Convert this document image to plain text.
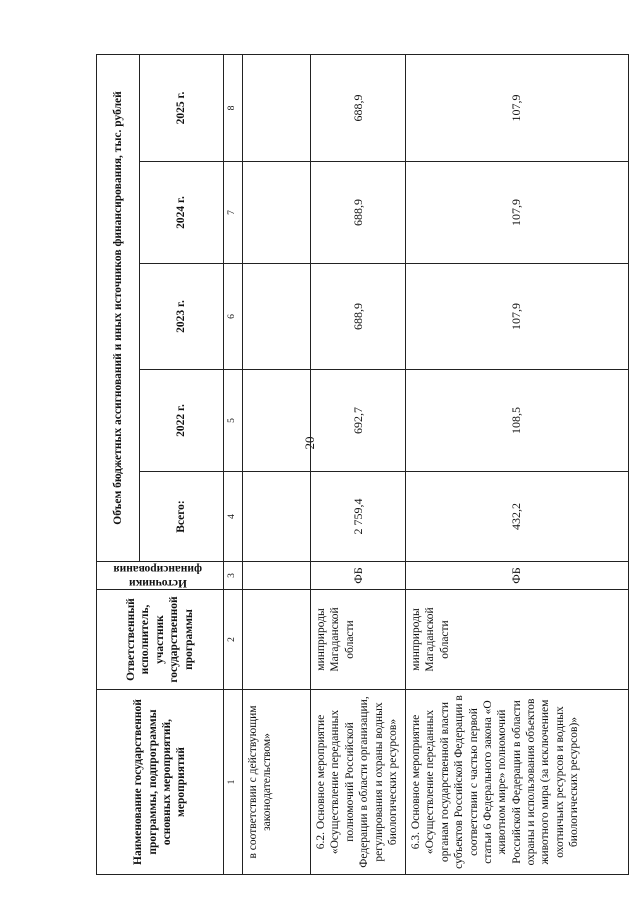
20
Наименование государственной программы, подпрограммы основных мероприятий, мероприятий	Ответственный исполнитель, участник государственной программы	Источники финансирования	Объем бюджетных ассигнований и иных источников финансирования, тыс. рублей				
			Всего:	2022 г.	2023 г.	2024 г.	2025 г.
1	2	3	4	5	6	7	8
в соответствии с действующим законодательством»							
6.2. Основное мероприятие «Осуществление переданных полномочий Российской Федерации в области организации, регулирования и охраны водных биологических ресурсов»	минприроды Магаданской области	ФБ	2 759,4	692,7	688,9	688,9	688,9
6.3. Основное мероприятие «Осуществление переданных органам государственной власти субъектов Российской Федерации в соответствии с частью первой статьи 6 Федерального закона «О животном мире» полномочий Российской Федерации в области охраны и использования объектов животного мира (за исключением охотничьих ресурсов и водных биологических ресурсов)»	минприроды Магаданской области	ФБ	432,2	108,5	107,9	107,9	107,9
